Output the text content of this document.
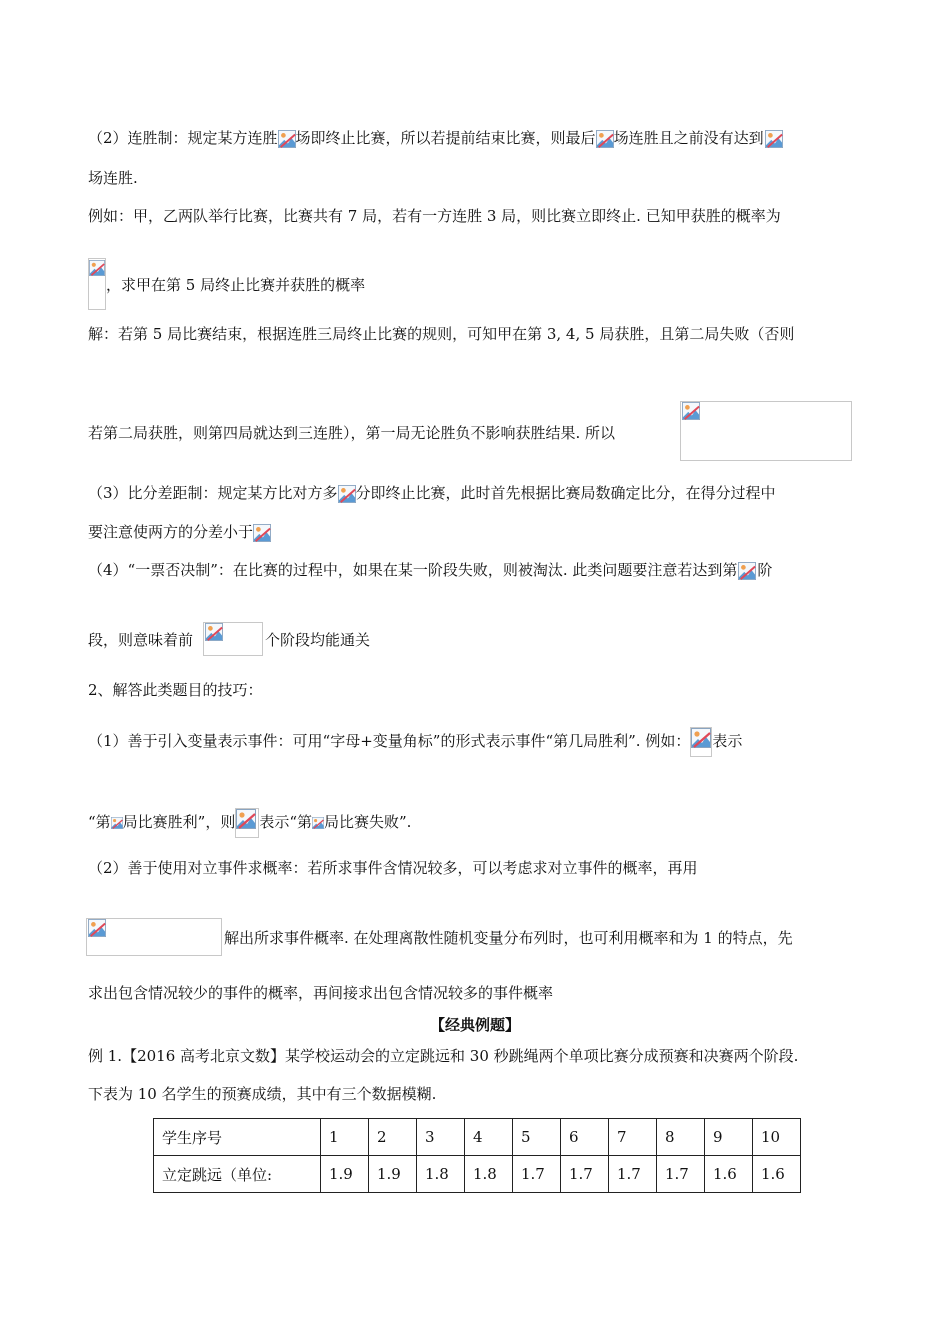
（2）连胜制：规定某方连胜 场即终止比赛，所以若提前结束比赛，则最后 场连胜且之前没有达到
场连胜.
例如：甲，乙两队举行比赛，比赛共有 7 局，若有一方连胜 3 局，则比赛立即终止. 已知甲获胜的概率为
，求甲在第 5 局终止比赛并获胜的概率
解：若第 5 局比赛结束，根据连胜三局终止比赛的规则，可知甲在第 3, 4, 5 局获胜，且第二局失败（否则
若第二局获胜，则第四局就达到三连胜），第一局无论胜负不影响获胜结果. 所以
（3）比分差距制：规定某方比对方多 分即终止比赛，此时首先根据比赛局数确定比分，在得分过程中
要注意使两方的分差小于
（4）“一票否决制”：在比赛的过程中，如果在某一阶段失败，则被淘汰. 此类问题要注意若达到第 阶
段，则意味着前	个阶段均能通关
2、解答此类题目的技巧：
（1）善于引入变量表示事件：可用“字母+变量角标”的形式表示事件“第几局胜利”. 例如： 表示
“第 局比赛胜利”，则 表示“第 局比赛失败”.
（2）善于使用对立事件求概率：若所求事件含情况较多，可以考虑求对立事件的概率，再用
解出所求事件概率. 在处理离散性随机变量分布列时，也可利用概率和为 1 的特点，先
求出包含情况较少的事件的概率，再间接求出包含情况较多的事件概率
【经典例题】
例 1.【2016 高考北京文数】某学校运动会的立定跳远和 30 秒跳绳两个单项比赛分成预赛和决赛两个阶段.
下表为 10 名学生的预赛成绩，其中有三个数据模糊.
学生序号	1	2	3	4	5	6	7	8	9	10
立定跳远（单位:	1.9	1.9	1.8	1.8	1.7	1.7	1.7	1.7	1.6	1.6
